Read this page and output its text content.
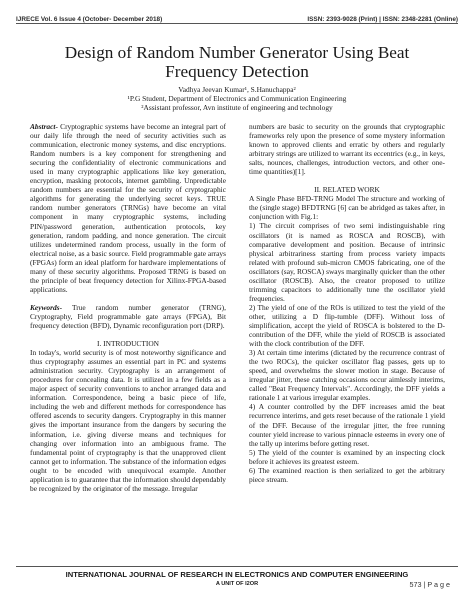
IJRECE Vol. 6 Issue 4 (October- December 2018)	ISSN: 2393-9028 (Print) | ISSN: 2348-2281 (Online)
Design of Random Number Generator Using Beat
Frequency Detection
Vadhya Jeevan Kumar¹, S.Hanuchappa²
¹P.G Student, Department of Electronics and Communication Engineering
²Assistant professor, Avn institute of engineering and technology

Abstract- Cryptographic systems have become an integral part of our daily life through the need of security activities such as communication, electronic money systems, and disc encryptions. Random numbers is a key component for strengthening and securing the confidentiality of electronic communications and used in many cryptographic applications like key generation, encryption, masking protocols, internet gambling. Unpredictable random numbers are essential for the security of cryptographic algorithms for generating the underlying secret keys. TRUE random number generators (TRNGs) have become an vital component in many cryptographic systems, including PIN/password generation, authentication protocols, key generation, random padding, and nonce generation. The circuit utilizes undetermined random process, usually in the form of electrical noise, as a basic source. Field programmable gate arrays (FPGAs) form an ideal platform for hardware implementations of many of these security algorithms. Proposed TRNG is based on the principle of beat frequency detection for Xilinx-FPGA-based applications.

Keywords- True random number generator (TRNG), Cryptography, Field programmable gate arrays (FPGA), Bit frequency detection (BFD), Dynamic reconfiguration port (DRP).

I. INTRODUCTION

In today's, world security is of most noteworthy significance and thus cryptography assumes an essential part in PC and systems administration security. Cryptography is an arrangement of procedures for concealing data. It is utilized in a few fields as a major aspect of security conventions to anchor arranged data and information. Correspondence, being a basic piece of life, including the web and different methods for correspondence has offered ascends to security dangers. Cryptography in this manner gives the important insurance from the dangers by securing the information, i.e. giving diverse means and techniques for changing over information into an ambiguous frame. The fundamental point of cryptography is that the unapproved client cannot get to information. The substance of the information edges ought to be encoded with unequivocal example. Another application is to guarantee that the information should dependably be recognized by the originator of the message. Irregular

numbers are basic to security on the grounds that cryptographic frameworks rely upon the presence of some mystery information known to approved clients and erratic by others and regularly arbitrary strings are utilized to warrant its eccentrics (e.g., in keys, salts, nounces, challenges, introduction vectors, and other one-time quantities)[1].

II. RELATED WORK

A Single Phase BFD-TRNG Model The structure and working of the (single stage) BFDTRNG [6] can be abridged as takes after, in conjunction with Fig.1:

1) The circuit comprises of two semi indistinguishable ring oscillators (it is named as ROSCA and ROSCB), with comparative development and position. Because of intrinsic physical arbitrariness starting from process variety impacts related with profound sub-micron CMOS fabricating, one of the oscillators (say, ROSCA) sways marginally quicker than the other oscillator (ROSCB). Also, the creator proposed to utilize trimming capacitors to additionally tune the oscillator yield frequencies.

2) The yield of one of the ROs is utilized to test the yield of the other, utilizing a D flip-tumble (DFF). Without loss of simplification, accept the yield of ROSCA is bolstered to the D-contribution of the DFF, while the yield of ROSCB is associated with the clock contribution of the DFF.

3) At certain time interims (dictated by the recurrence contrast of the two ROCs), the quicker oscillator flag passes, gets up to speed, and overwhelms the slower motion in stage. Because of irregular jitter, these catching occasions occur aimlessly interims, called "Beat Frequency Intervals". Accordingly, the DFF yields a rationale 1 at various irregular examples.

4) A counter controlled by the DFF increases amid the beat recurrence interims, and gets reset because of the rationale 1 yield of the DFF. Because of the irregular jitter, the free running counter yield increase to various pinnacle esteems in every one of the tally up interims before getting reset.

5) The yield of the counter is examined by an inspecting clock before it achieves its greatest esteem.

6) The examined reaction is then serialized to get the arbitrary piece stream.

INTERNATIONAL JOURNAL OF RESEARCH IN ELECTRONICS AND COMPUTER ENGINEERING
A UNIT OF I2OR	573 | P a g e
